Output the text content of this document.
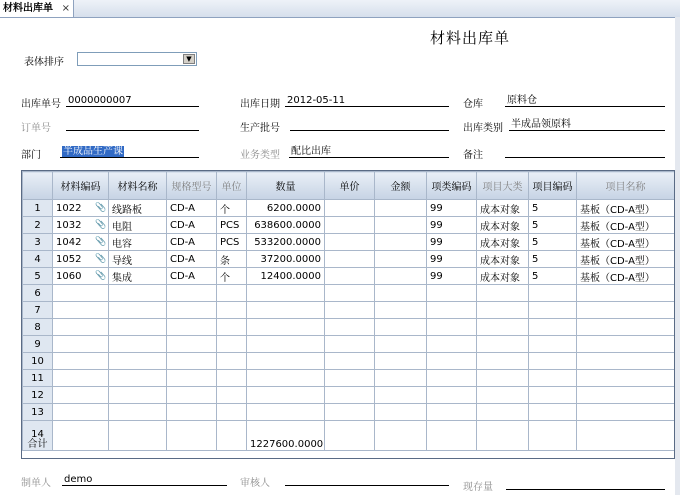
材料出库单 ×
材料出库单
表体排序	▼
出库单号 0000000007	出库日期 2012-05-11	仓库 原料仓
订单号	生产批号	出库类别 半成品领原料
部门	半成品生产课	业务类型 配比出库	备注
	材料编码	材料名称	规格型号	单位	数量	单价	金额	项类编码	项目大类	项目编码	项目名称
1	1022 📎	线路板	CD-A	个	6200.0000			99	成本对象	5	基板（CD-A型）
2	1032 📎	电阻	CD-A	PCS	638600.0000			99	成本对象	5	基板（CD-A型）
3	1042 📎	电容	CD-A	PCS	533200.0000			99	成本对象	5	基板（CD-A型）
4	1052 📎	导线	CD-A	条	37200.0000			99	成本对象	5	基板（CD-A型）
5	1060 📎	集成	CD-A	个	12400.0000			99	成本对象	5	基板（CD-A型）
6											
7											
8											
9											
10											
11											
12											
13											
14
合计					1227600.0000						
制单人 demo	审核人	现存量
